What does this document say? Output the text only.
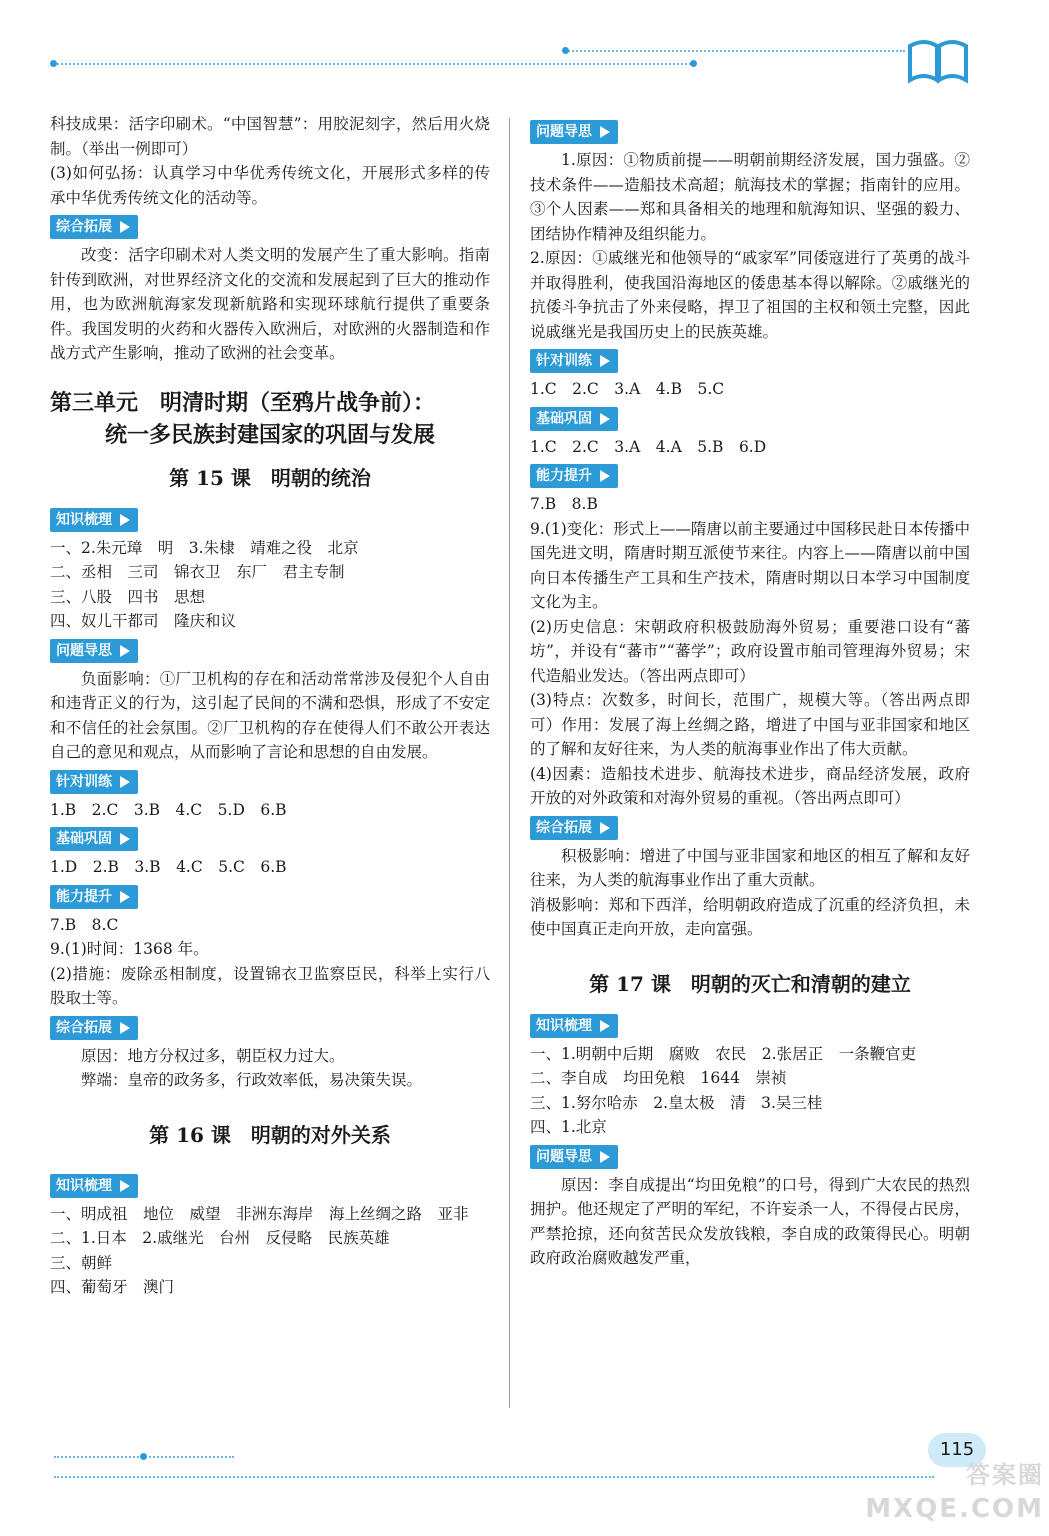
科技成果：活字印刷术。“中国智慧”：用胶泥刻字，然后用火烧制。（举出一例即可）

(3)如何弘扬：认真学习中华优秀传统文化，开展形式多样的传承中华优秀传统文化的活动等。

综合拓展

改变：活字印刷术对人类文明的发展产生了重大影响。指南针传到欧洲，对世界经济文化的交流和发展起到了巨大的推动作用，也为欧洲航海家发现新航路和实现环球航行提供了重要条件。我国发明的火药和火器传入欧洲后，对欧洲的火器制造和作战方式产生影响，推动了欧洲的社会变革。

第三单元　明清时期（至鸦片战争前）：
统一多民族封建国家的巩固与发展
第 15 课　明朝的统治
知识梳理

一、2.朱元璋　明　3.朱棣　靖难之役　北京

二、丞相　三司　锦衣卫　东厂　君主专制

三、八股　四书　思想

四、奴儿干都司　隆庆和议

问题导思

负面影响：①厂卫机构的存在和活动常常涉及侵犯个人自由和违背正义的行为，这引起了民间的不满和恐惧，形成了不安定和不信任的社会氛围。②厂卫机构的存在使得人们不敢公开表达自己的意见和观点，从而影响了言论和思想的自由发展。

针对训练

1.B　2.C　3.B　4.C　5.D　6.B

基础巩固

1.D　2.B　3.B　4.C　5.C　6.B

能力提升

7.B　8.C

9.(1)时间：1368 年。

(2)措施：废除丞相制度，设置锦衣卫监察臣民，科举上实行八股取士等。

综合拓展

原因：地方分权过多，朝臣权力过大。

弊端：皇帝的政务多，行政效率低，易决策失误。

第 16 课　明朝的对外关系
知识梳理

一、明成祖　地位　威望　非洲东海岸　海上丝绸之路　亚非

二、1.日本　2.戚继光　台州　反侵略　民族英雄

三、朝鲜

四、葡萄牙　澳门

问题导思

1.原因：①物质前提——明朝前期经济发展，国力强盛。②技术条件——造船技术高超；航海技术的掌握；指南针的应用。③个人因素——郑和具备相关的地理和航海知识、坚强的毅力、团结协作精神及组织能力。

2.原因：①戚继光和他领导的“戚家军”同倭寇进行了英勇的战斗并取得胜利，使我国沿海地区的倭患基本得以解除。②戚继光的抗倭斗争抗击了外来侵略，捍卫了祖国的主权和领土完整，因此说戚继光是我国历史上的民族英雄。

针对训练

1.C　2.C　3.A　4.B　5.C

基础巩固

1.C　2.C　3.A　4.A　5.B　6.D

能力提升

7.B　8.B

9.(1)变化：形式上——隋唐以前主要通过中国移民赴日本传播中国先进文明，隋唐时期互派使节来往。内容上——隋唐以前中国向日本传播生产工具和生产技术，隋唐时期以日本学习中国制度文化为主。

(2)历史信息：宋朝政府积极鼓励海外贸易；重要港口设有“蕃坊”，并设有“蕃市”“蕃学”；政府设置市舶司管理海外贸易；宋代造船业发达。（答出两点即可）

(3)特点：次数多，时间长，范围广，规模大等。（答出两点即可）作用：发展了海上丝绸之路，增进了中国与亚非国家和地区的了解和友好往来，为人类的航海事业作出了伟大贡献。

(4)因素：造船技术进步、航海技术进步，商品经济发展，政府开放的对外政策和对海外贸易的重视。（答出两点即可）

综合拓展

积极影响：增进了中国与亚非国家和地区的相互了解和友好往来，为人类的航海事业作出了重大贡献。

消极影响：郑和下西洋，给明朝政府造成了沉重的经济负担，未使中国真正走向开放，走向富强。

第 17 课　明朝的灭亡和清朝的建立
知识梳理

一、1.明朝中后期　腐败　农民　2.张居正　一条鞭官吏

二、李自成　均田免粮　1644　崇祯

三、1.努尔哈赤　2.皇太极　清　3.吴三桂

四、1.北京

问题导思

原因：李自成提出“均田免粮”的口号，得到广大农民的热烈拥护。他还规定了严明的军纪，不许妄杀一人，不得侵占民房，严禁抢掠，还向贫苦民众发放钱粮，李自成的政策得民心。明朝政府政治腐败越发严重，

115
答案圈
MXQE.COM
